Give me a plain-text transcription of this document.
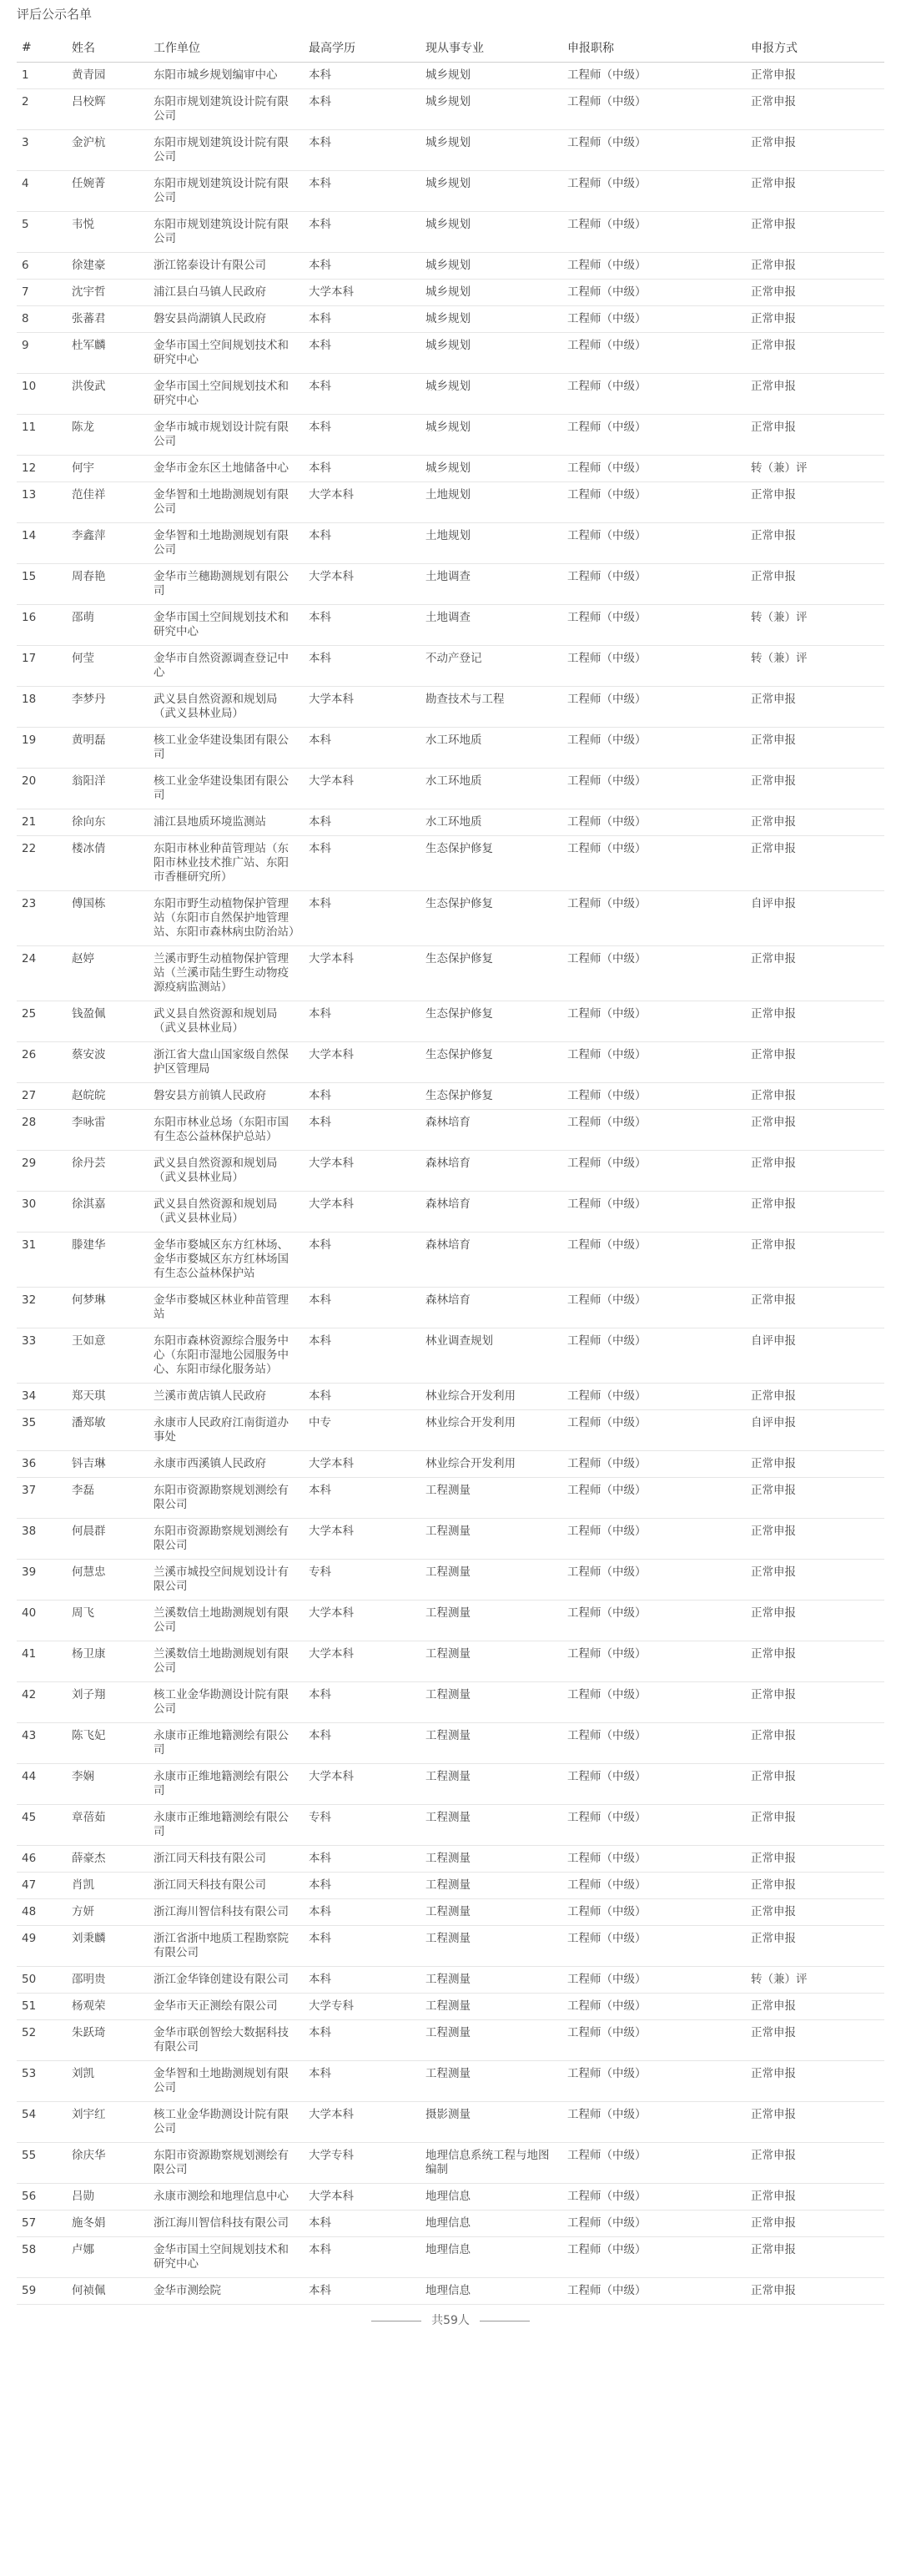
评后公示名单
#	姓名	工作单位	最高学历	现从事专业	申报职称	申报方式
1	黄青园	东阳市城乡规划编审中心	本科	城乡规划	工程师（中级）	正常申报
2	吕校辉	东阳市规划建筑设计院有限公司	本科	城乡规划	工程师（中级）	正常申报
3	金沪杭	东阳市规划建筑设计院有限公司	本科	城乡规划	工程师（中级）	正常申报
4	任婉菁	东阳市规划建筑设计院有限公司	本科	城乡规划	工程师（中级）	正常申报
5	韦悦	东阳市规划建筑设计院有限公司	本科	城乡规划	工程师（中级）	正常申报
6	徐建豪	浙江铭泰设计有限公司	本科	城乡规划	工程师（中级）	正常申报
7	沈宇哲	浦江县白马镇人民政府	大学本科	城乡规划	工程师（中级）	正常申报
8	张蕃君	磐安县尚湖镇人民政府	本科	城乡规划	工程师（中级）	正常申报
9	杜军麟	金华市国土空间规划技术和研究中心	本科	城乡规划	工程师（中级）	正常申报
10	洪俊武	金华市国土空间规划技术和研究中心	本科	城乡规划	工程师（中级）	正常申报
11	陈龙	金华市城市规划设计院有限公司	本科	城乡规划	工程师（中级）	正常申报
12	何宇	金华市金东区土地储备中心	本科	城乡规划	工程师（中级）	转（兼）评
13	范佳祥	金华智和土地勘测规划有限公司	大学本科	土地规划	工程师（中级）	正常申报
14	李鑫萍	金华智和土地勘测规划有限公司	本科	土地规划	工程师（中级）	正常申报
15	周春艳	金华市兰穗勘测规划有限公司	大学本科	土地调查	工程师（中级）	正常申报
16	邵萌	金华市国土空间规划技术和研究中心	本科	土地调查	工程师（中级）	转（兼）评
17	何莹	金华市自然资源调查登记中心	本科	不动产登记	工程师（中级）	转（兼）评
18	李梦丹	武义县自然资源和规划局（武义县林业局）	大学本科	勘查技术与工程	工程师（中级）	正常申报
19	黄明磊	核工业金华建设集团有限公司	本科	水工环地质	工程师（中级）	正常申报
20	翁阳洋	核工业金华建设集团有限公司	大学本科	水工环地质	工程师（中级）	正常申报
21	徐向东	浦江县地质环境监测站	本科	水工环地质	工程师（中级）	正常申报
22	楼冰倩	东阳市林业种苗管理站（东阳市林业技术推广站、东阳市香榧研究所）	本科	生态保护修复	工程师（中级）	正常申报
23	傅国栋	东阳市野生动植物保护管理站（东阳市自然保护地管理站、东阳市森林病虫防治站）	本科	生态保护修复	工程师（中级）	自评申报
24	赵婷	兰溪市野生动植物保护管理站（兰溪市陆生野生动物疫源疫病监测站）	大学本科	生态保护修复	工程师（中级）	正常申报
25	钱盈佩	武义县自然资源和规划局（武义县林业局）	本科	生态保护修复	工程师（中级）	正常申报
26	蔡安波	浙江省大盘山国家级自然保护区管理局	大学本科	生态保护修复	工程师（中级）	正常申报
27	赵皖皖	磐安县方前镇人民政府	本科	生态保护修复	工程师（中级）	正常申报
28	李咏雷	东阳市林业总场（东阳市国有生态公益林保护总站）	本科	森林培育	工程师（中级）	正常申报
29	徐丹芸	武义县自然资源和规划局（武义县林业局）	大学本科	森林培育	工程师（中级）	正常申报
30	徐淇嘉	武义县自然资源和规划局（武义县林业局）	大学本科	森林培育	工程师（中级）	正常申报
31	滕建华	金华市婺城区东方红林场、金华市婺城区东方红林场国有生态公益林保护站	本科	森林培育	工程师（中级）	正常申报
32	何梦琳	金华市婺城区林业种苗管理站	本科	森林培育	工程师（中级）	正常申报
33	王如意	东阳市森林资源综合服务中心（东阳市湿地公园服务中心、东阳市绿化服务站）	本科	林业调查规划	工程师（中级）	自评申报
34	郑天琪	兰溪市黄店镇人民政府	本科	林业综合开发利用	工程师（中级）	正常申报
35	潘郑敏	永康市人民政府江南街道办事处	中专	林业综合开发利用	工程师（中级）	自评申报
36	钭吉琳	永康市西溪镇人民政府	大学本科	林业综合开发利用	工程师（中级）	正常申报
37	李磊	东阳市资源勘察规划测绘有限公司	本科	工程测量	工程师（中级）	正常申报
38	何晨群	东阳市资源勘察规划测绘有限公司	大学本科	工程测量	工程师（中级）	正常申报
39	何慧忠	兰溪市城投空间规划设计有限公司	专科	工程测量	工程师（中级）	正常申报
40	周飞	兰溪数信土地勘测规划有限公司	大学本科	工程测量	工程师（中级）	正常申报
41	杨卫康	兰溪数信土地勘测规划有限公司	大学本科	工程测量	工程师（中级）	正常申报
42	刘子翔	核工业金华勘测设计院有限公司	本科	工程测量	工程师（中级）	正常申报
43	陈飞妃	永康市正维地籍测绘有限公司	本科	工程测量	工程师（中级）	正常申报
44	李娴	永康市正维地籍测绘有限公司	大学本科	工程测量	工程师（中级）	正常申报
45	章蓓茹	永康市正维地籍测绘有限公司	专科	工程测量	工程师（中级）	正常申报
46	薛豪杰	浙江同天科技有限公司	本科	工程测量	工程师（中级）	正常申报
47	肖凯	浙江同天科技有限公司	本科	工程测量	工程师（中级）	正常申报
48	方妍	浙江海川智信科技有限公司	本科	工程测量	工程师（中级）	正常申报
49	刘秉麟	浙江省浙中地质工程勘察院有限公司	本科	工程测量	工程师（中级）	正常申报
50	邵明贵	浙江金华锋创建设有限公司	本科	工程测量	工程师（中级）	转（兼）评
51	杨观荣	金华市天正测绘有限公司	大学专科	工程测量	工程师（中级）	正常申报
52	朱跃琦	金华市联创智绘大数据科技有限公司	本科	工程测量	工程师（中级）	正常申报
53	刘凯	金华智和土地勘测规划有限公司	本科	工程测量	工程师（中级）	正常申报
54	刘宇红	核工业金华勘测设计院有限公司	大学本科	摄影测量	工程师（中级）	正常申报
55	徐庆华	东阳市资源勘察规划测绘有限公司	大学专科	地理信息系统工程与地图编制	工程师（中级）	正常申报
56	吕勋	永康市测绘和地理信息中心	大学本科	地理信息	工程师（中级）	正常申报
57	施冬娟	浙江海川智信科技有限公司	本科	地理信息	工程师（中级）	正常申报
58	卢娜	金华市国土空间规划技术和研究中心	本科	地理信息	工程师（中级）	正常申报
59	何祯佩	金华市测绘院	本科	地理信息	工程师（中级）	正常申报
共59人
